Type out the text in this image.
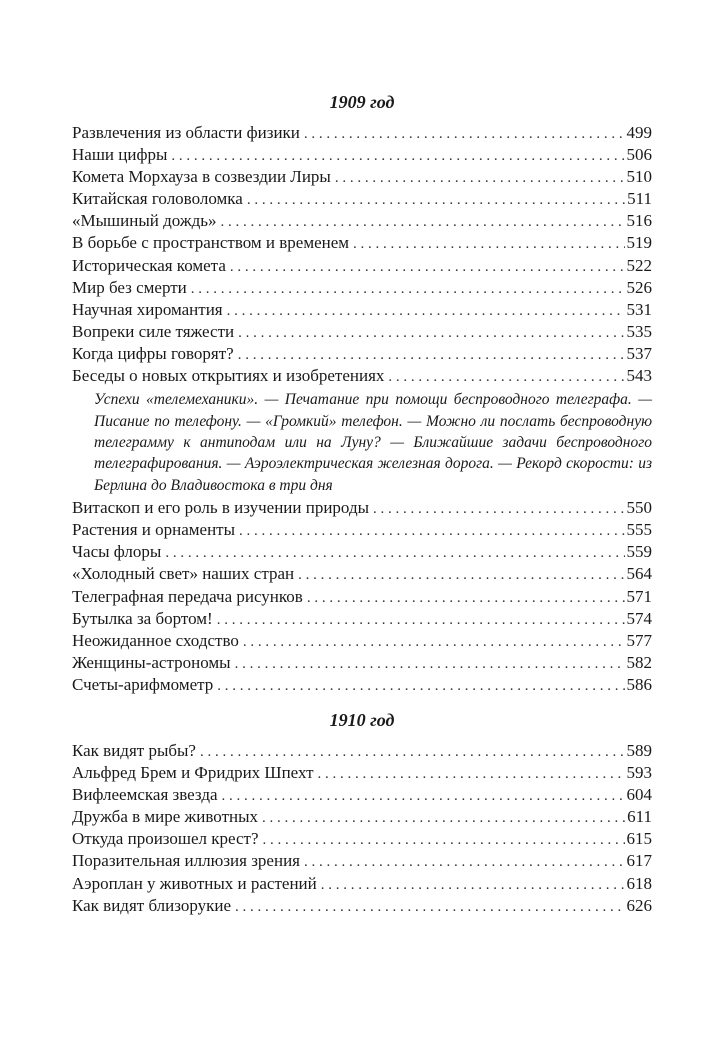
1909 год
Развлечения из области физики . . .	499
Наши цифры . . .	506
Комета Морхауза в созвездии Лиры . . .	510
Китайская головоломка . . .	511
«Мышиный дождь» . . .	516
В борьбе с пространством и временем . . .	519
Историческая комета . . .	522
Мир без смерти . . .	526
Научная хиромантия . . .	531
Вопреки силе тяжести . . .	535
Когда цифры говорят? . . .	537
Беседы о новых открытиях и изобретениях . . .	543
Успехи «телемеханики». — Печатание при помощи беспроводного телеграфа. — Писание по телефону. — «Громкий» телефон. — Можно ли послать беспроводную телеграмму к антиподам или на Луну? — Ближайшие задачи беспроводного телеграфирования. — Аэроэлектрическая железная дорога. — Рекорд скорости: из Берлина до Владивостока в три дня
Витаскоп и его роль в изучении природы . . .	550
Растения и орнаменты . . .	555
Часы флоры . . .	559
«Холодный свет» наших стран . . .	564
Телеграфная передача рисунков . . .	571
Бутылка за бортом! . . .	574
Неожиданное сходство . . .	577
Женщины-астрономы . . .	582
Счеты-арифмометр . . .	586
1910 год
Как видят рыбы? . . .	589
Альфред Брем и Фридрих Шпехт . . .	593
Вифлеемская звезда . . .	604
Дружба в мире животных . . .	611
Откуда произошел крест? . . .	615
Поразительная иллюзия зрения . . .	617
Аэроплан у животных и растений . . .	618
Как видят близорукие . . .	626
